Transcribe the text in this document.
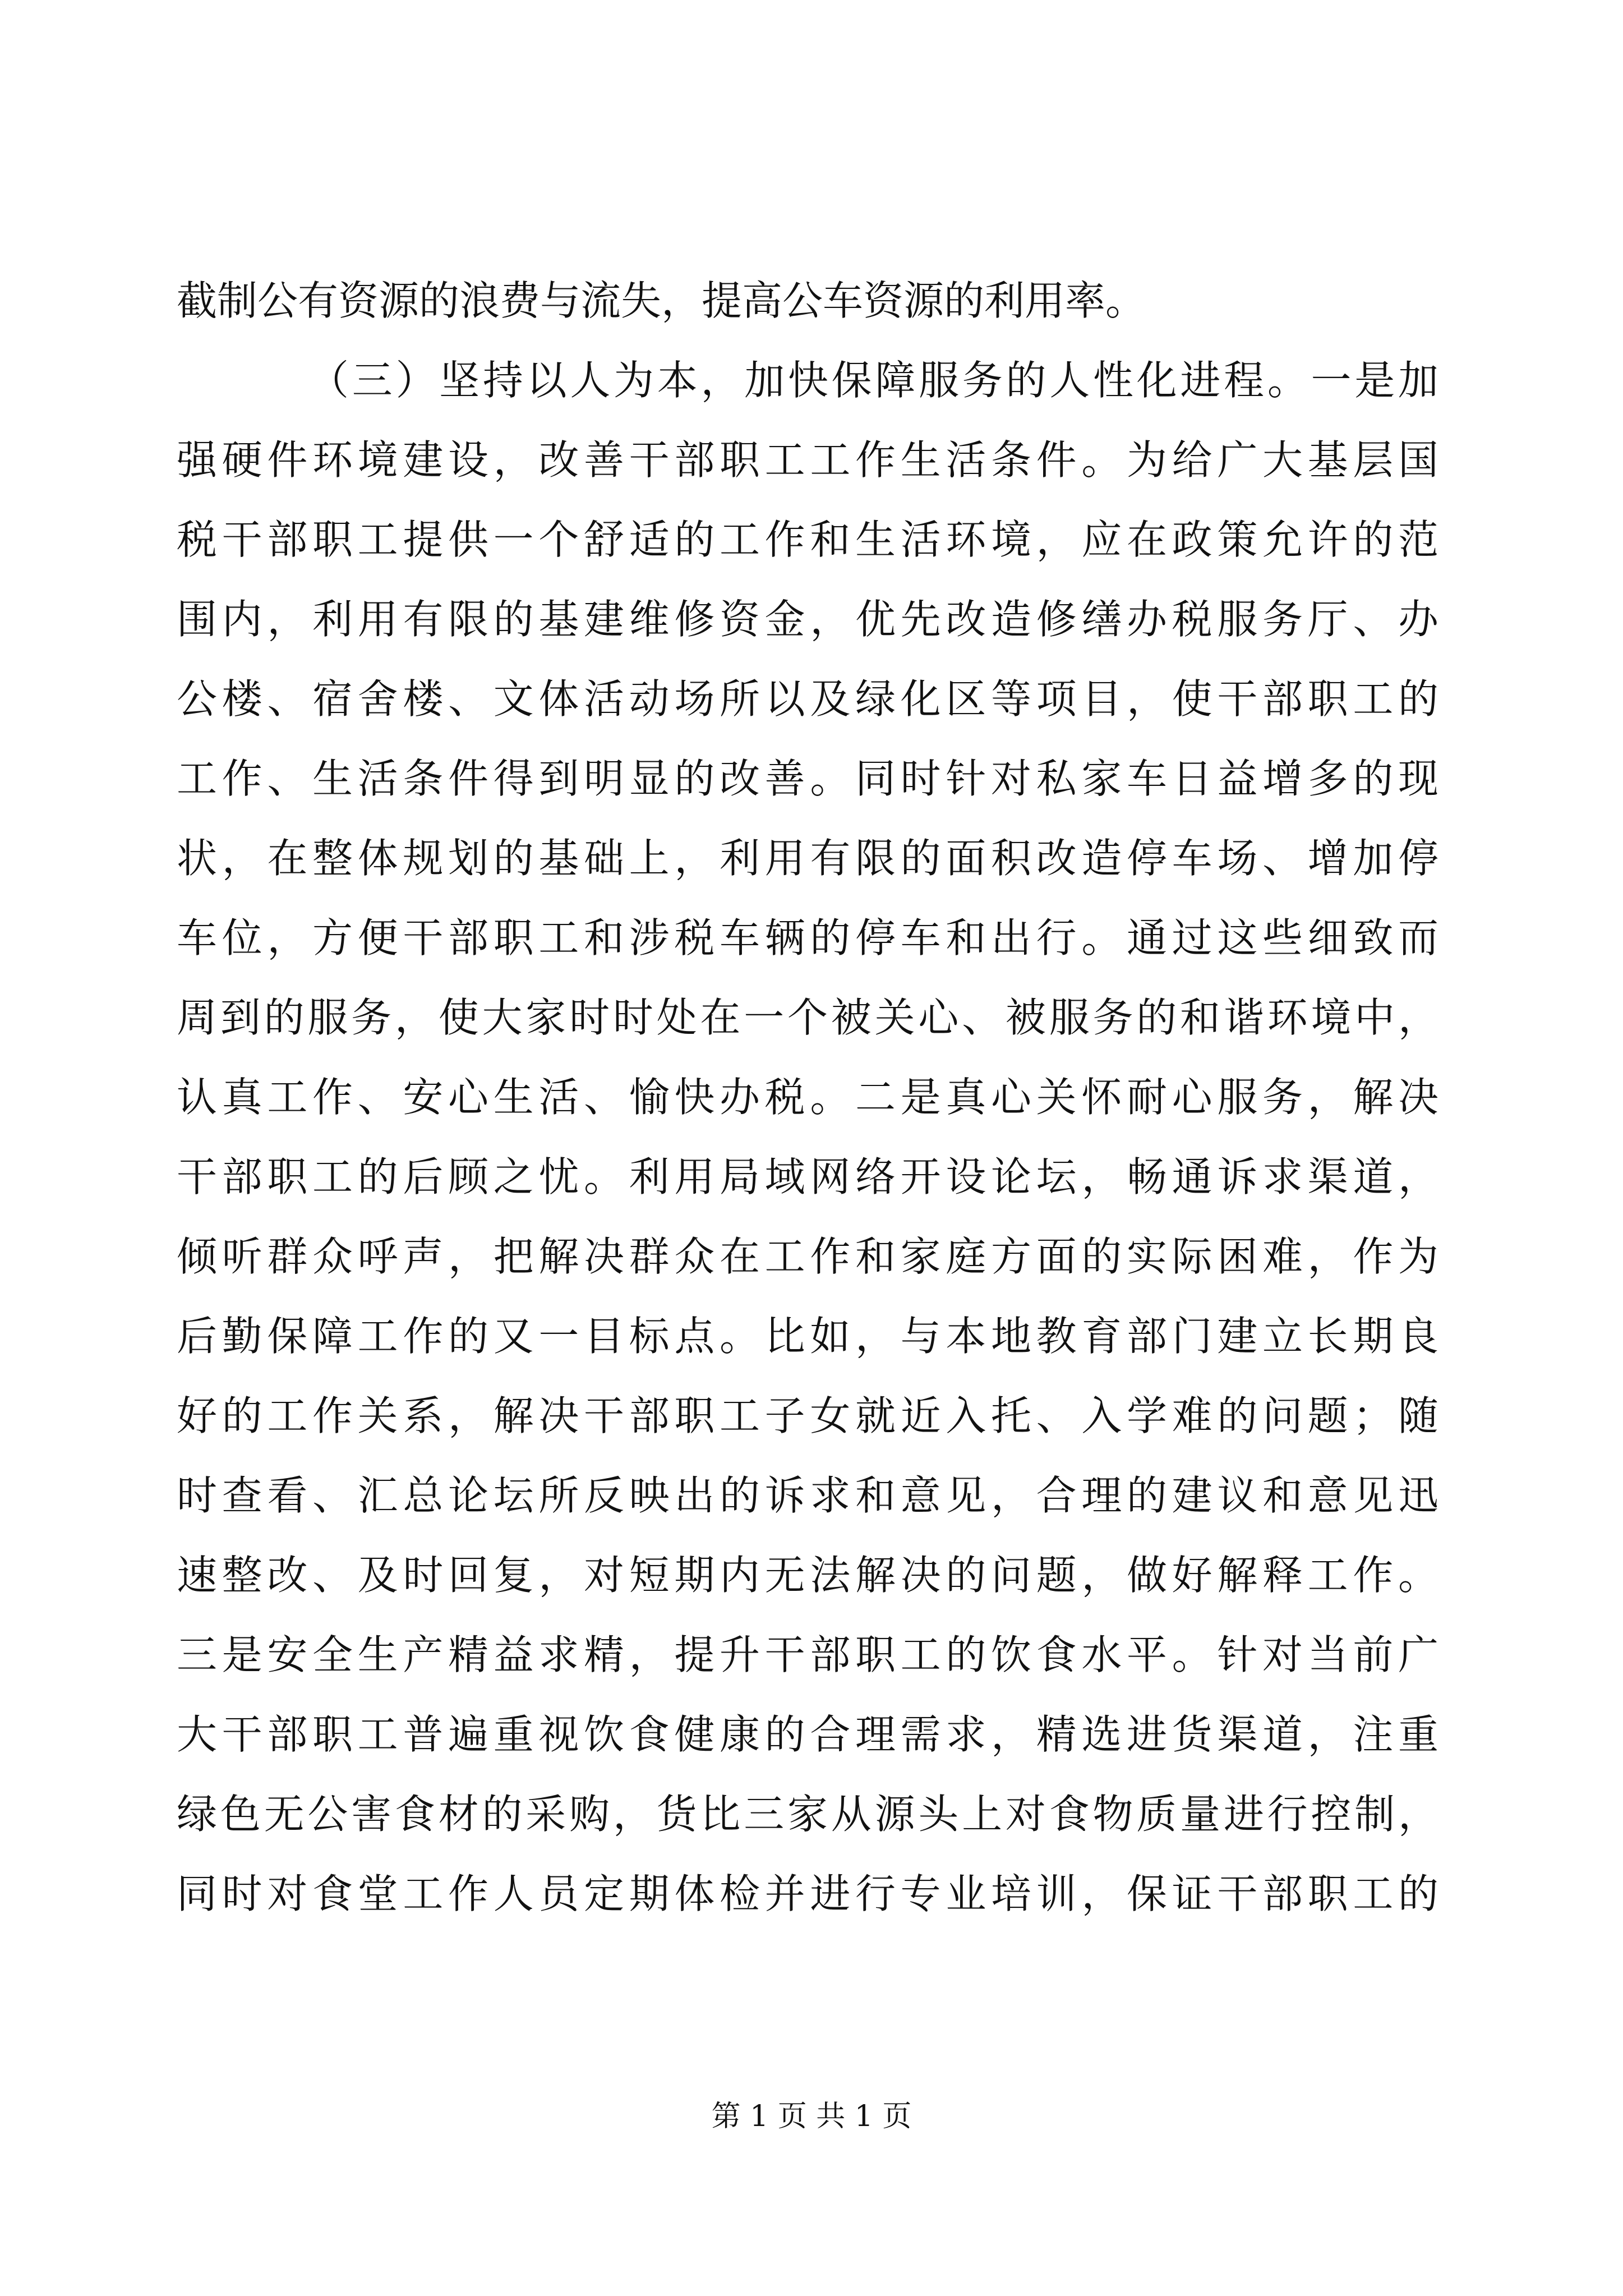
截制公有资源的浪费与流失，提高公车资源的利用率。
（三）坚持以人为本，加快保障服务的人性化进程。一是加
强硬件环境建设，改善干部职工工作生活条件。为给广大基层国
税干部职工提供一个舒适的工作和生活环境，应在政策允许的范
围内，利用有限的基建维修资金，优先改造修缮办税服务厅、办
公楼、宿舍楼、文体活动场所以及绿化区等项目，使干部职工的
工作、生活条件得到明显的改善。同时针对私家车日益增多的现
状，在整体规划的基础上，利用有限的面积改造停车场、增加停
车位，方便干部职工和涉税车辆的停车和出行。通过这些细致而
周到的服务，使大家时时处在一个被关心、被服务的和谐环境中，
认真工作、安心生活、愉快办税。二是真心关怀耐心服务，解决
干部职工的后顾之忧。利用局域网络开设论坛，畅通诉求渠道，
倾听群众呼声，把解决群众在工作和家庭方面的实际困难，作为
后勤保障工作的又一目标点。比如，与本地教育部门建立长期良
好的工作关系，解决干部职工子女就近入托、入学难的问题；随
时查看、汇总论坛所反映出的诉求和意见，合理的建议和意见迅
速整改、及时回复，对短期内无法解决的问题，做好解释工作。
三是安全生产精益求精，提升干部职工的饮食水平。针对当前广
大干部职工普遍重视饮食健康的合理需求，精选进货渠道，注重
绿色无公害食材的采购，货比三家从源头上对食物质量进行控制，
同时对食堂工作人员定期体检并进行专业培训，保证干部职工的
第 1 页 共 1 页
